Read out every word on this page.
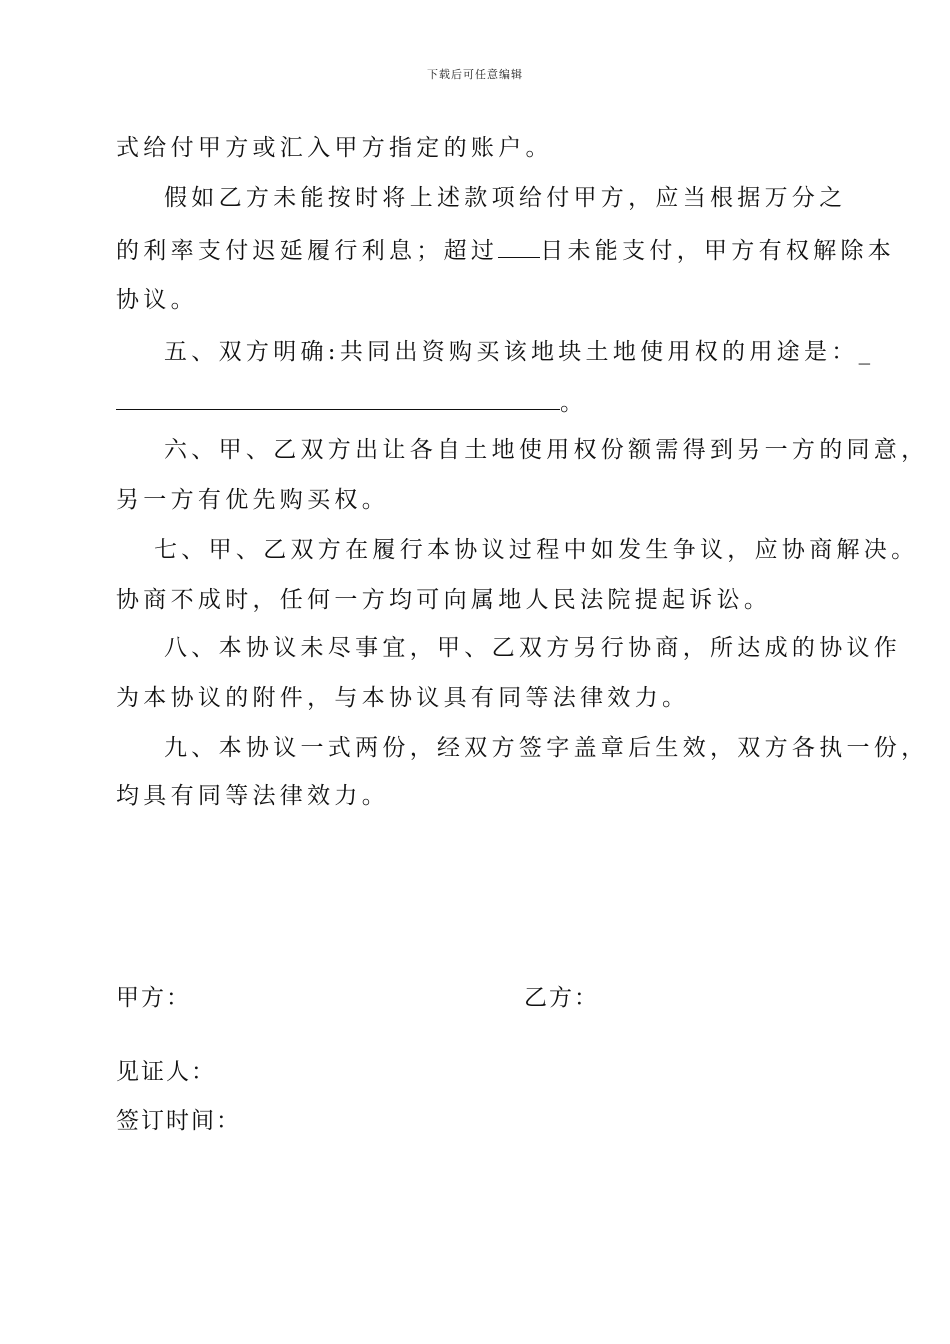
下载后可任意编辑
式给付甲方或汇入甲方指定的账户。
假如乙方未能按时将上述款项给付甲方，应当根据万分之
的利率支付迟延履行利息；超过 日未能支付，甲方有权解除本
协议。
五、双方明确:共同出资购买该地块土地使用权的用途是：_
。
六、甲、乙双方出让各自土地使用权份额需得到另一方的同意，
另一方有优先购买权。
七、甲、乙双方在履行本协议过程中如发生争议，应协商解决。
协商不成时，任何一方均可向属地人民法院提起诉讼。
八、本协议未尽事宜，甲、乙双方另行协商，所达成的协议作
为本协议的附件，与本协议具有同等法律效力。
九、本协议一式两份，经双方签字盖章后生效，双方各执一份，
均具有同等法律效力。
甲方：	乙方：
见证人：
签订时间：
